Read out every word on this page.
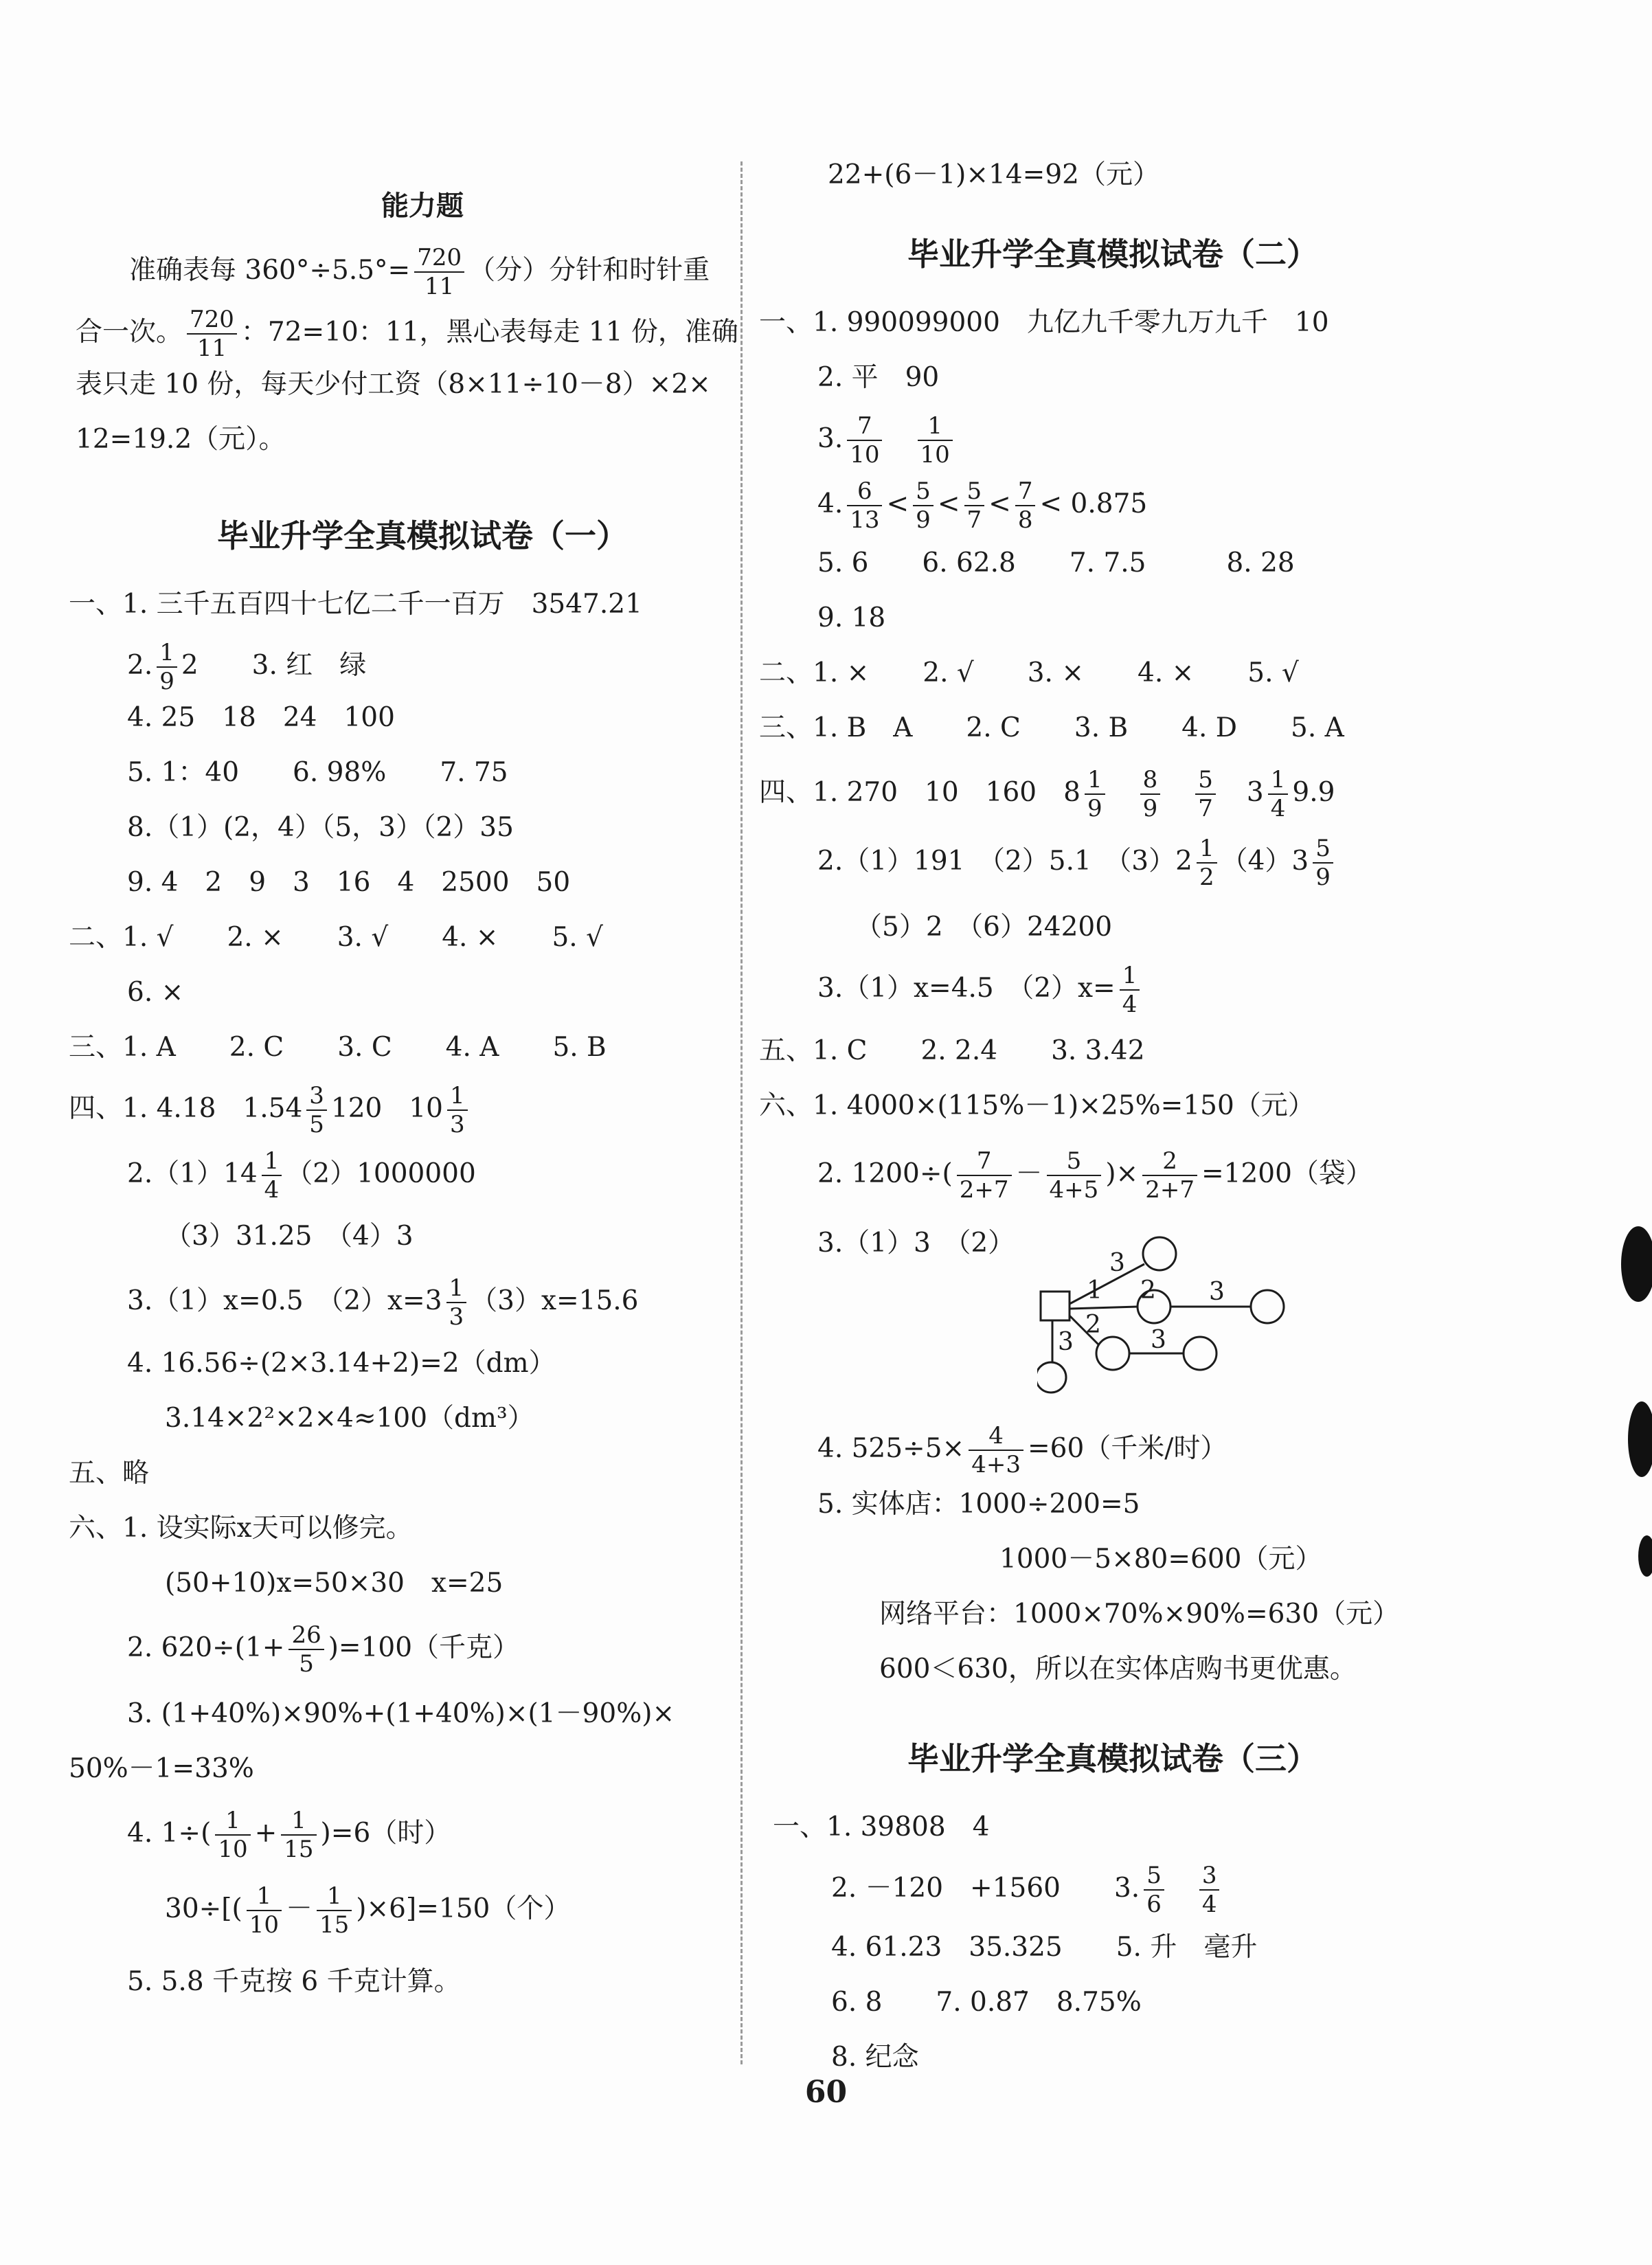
能力题
　　准确表每 $360^\circ\div 5.5^\circ= \frac{720}{11}$ （分）分针和时针重
合一次。 $\frac{720}{11}$ ：72=10：11，黑心表每走 11 份，准确
表只走 10 份，每天少付工资（8×11÷10－8）×2×
12=19.2（元）。
毕业升学全真模拟试卷（一）
一、1. 三千五百四十七亿二千一百万　3547.21
2. $\frac{1}{9} 2$　　3. 红　绿
4. 25　18　24　100
5. 1：40　　6. 98%　　7. 75
8.（1）(2，4）（5，3）（2）35
9. 4　2　9　3　16　4　2500　50
二、1. √　　2. ×　　3. √　　4. ×　　5. √
6. ×
三、1. A　　2. C　　3. C　　4. A　　5. B
四、1. 4.18　$1.54 \frac{3}{5} 120$　$10 \frac{1}{3}$
$2.(1)14 \frac{1}{4} (2)1000000$
（3）31.25　（4）3
3.（1）x=0.5　$(2)x=3 \frac{1}{3} (3)x=15.6$
4. 16.56÷(2×3.14+2)=2（dm）
3.14×2²×2×4≈100（dm³）
五、略
六、1. 设实际x天可以修完。
(50+10)x=50×30　x=25
2. $620\div(1+ \frac{26}{5} )=100$（千克）
3. (1+40%)×90%+(1+40%)×(1－90%)×
50%－1=33%
4. $1\div( \frac{1}{10} + \frac{1}{15} )=6$（时）
$30\div[( \frac{1}{10} - \frac{1}{15} )\times 6]=150$（个）
5. 5.8 千克按 6 千克计算。
22+(6－1)×14=92（元）
毕业升学全真模拟试卷（二）
一、1. 990099000　九亿九千零九万九千　10
2. 平　90
3. $\frac{7}{10}$
　 $\frac{1}{10}$
4. $\frac{6}{13} < \frac{5}{9} < \frac{5}{7} < \frac{7}{8}$ < 0.875̇
5. 6　　6. 62.8　　7. 7.5　　　8. 28
9. 18
二、1. ×　　2. √　　3. ×　　4. ×　　5. √
三、1. B　A　　2. C　　3. B　　4. D　　5. A
四、1. 270　10　160　$8 \frac{1}{9}$
　 $\frac{8}{9}$
　 $\frac{5}{7}$
　 $3 \frac{1}{4} 9.9$
2.（1）191　（2）5.1　$(3)2 \frac{1}{2} (4)3 \frac{5}{9}$
（5）2　（6）24200
3.（1）x=4.5　$(2)x= \frac{1}{4}$
五、1. C　　2. 2.4　　3. 3.42
六、1. 4000×(115%－1)×25%=150（元）
2. $1200\div( \frac{7}{2+7} - \frac{5}{4+5}$ )× $\frac{2}{2+7} =1200$（袋）
3.（1）3　（2）
3
1
2
3
2
3
3
4. $525\div 5\times \frac{4}{4+3} =60$（千米/时）
5. 实体店：1000÷200=5
1000－5×80=600（元）
网络平台：1000×70%×90%=630（元）
600＜630，所以在实体店购书更优惠。
毕业升学全真模拟试卷（三）
一、1. 39808　4
2. －120　+1560　　3. $\frac{5}{6}$
　 $\frac{3}{4}$
4. 61.23　35.325　　5. 升　毫升
6. 8　　7. 0.87̇　8.75%
8. 纪念
60
